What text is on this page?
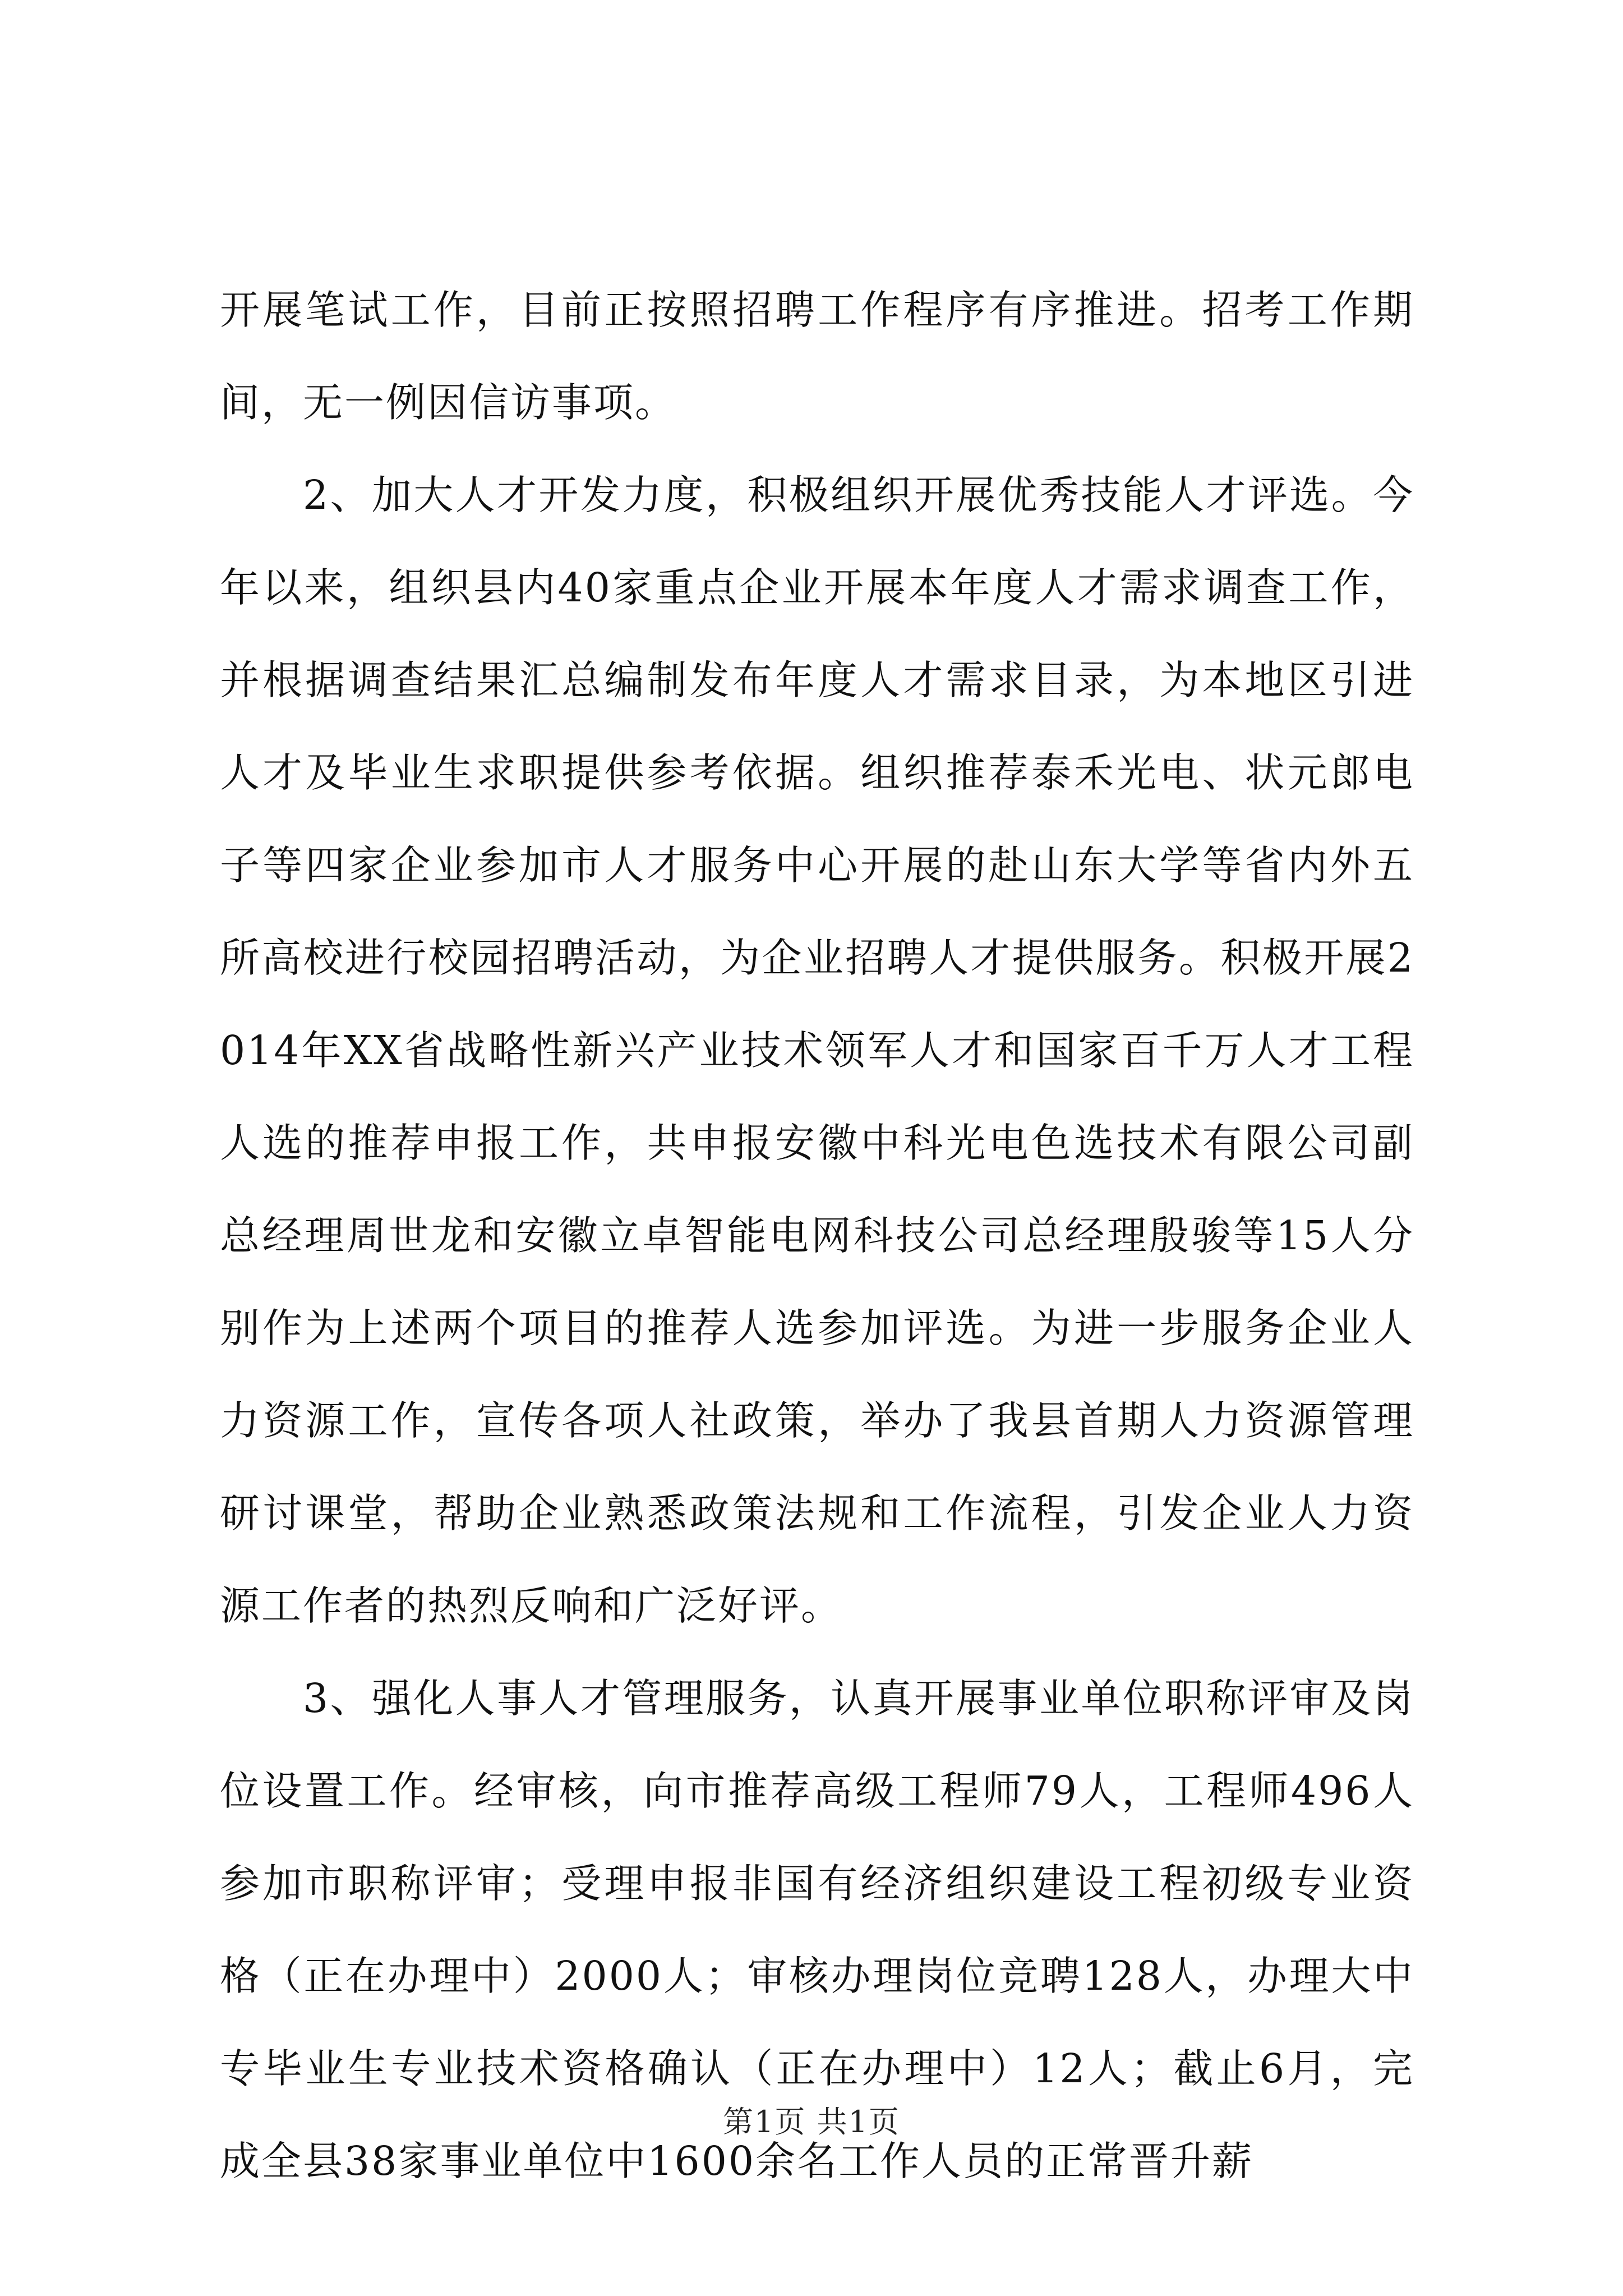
开展笔试工作，目前正按照招聘工作程序有序推进。招考工作期间，无一例因信访事项。

2、加大人才开发力度，积极组织开展优秀技能人才评选。今年以来，组织县内40家重点企业开展本年度人才需求调查工作，并根据调查结果汇总编制发布年度人才需求目录，为本地区引进人才及毕业生求职提供参考依据。组织推荐泰禾光电、状元郎电子等四家企业参加市人才服务中心开展的赴山东大学等省内外五所高校进行校园招聘活动，为企业招聘人才提供服务。积极开展2014年XX省战略性新兴产业技术领军人才和国家百千万人才工程人选的推荐申报工作，共申报安徽中科光电色选技术有限公司副总经理周世龙和安徽立卓智能电网科技公司总经理殷骏等15人分别作为上述两个项目的推荐人选参加评选。为进一步服务企业人力资源工作，宣传各项人社政策，举办了我县首期人力资源管理研讨课堂，帮助企业熟悉政策法规和工作流程，引发企业人力资源工作者的热烈反响和广泛好评。

3、强化人事人才管理服务，认真开展事业单位职称评审及岗位设置工作。经审核，向市推荐高级工程师79人，工程师496人参加市职称评审；受理申报非国有经济组织建设工程初级专业资格（正在办理中）2000人；审核办理岗位竞聘128人，办理大中专毕业生专业技术资格确认（正在办理中）12人；截止6月，完成全县38家事业单位中1600余名工作人员的正常晋升薪

第1页 共1页
